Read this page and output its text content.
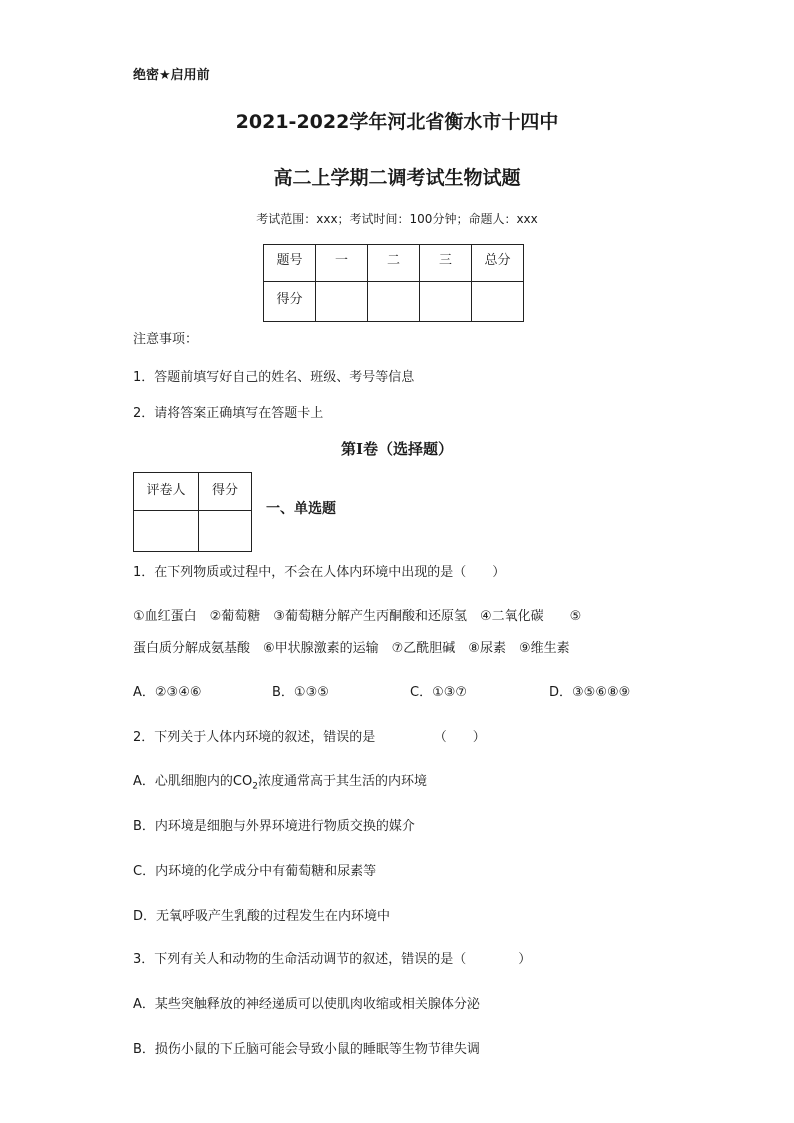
绝密★启用前
2021-2022学年河北省衡水市十四中
高二上学期二调考试生物试题
考试范围：xxx；考试时间：100分钟；命题人：xxx
题号	一	二	三	总分
得分				
注意事项：
1．答题前填写好自己的姓名、班级、考号等信息
2．请将答案正确填写在答题卡上
第I卷（选择题）
评卷人	得分

一、单选题
1．在下列物质或过程中，不会在人体内环境中出现的是（　　）
①血红蛋白　②葡萄糖　③葡萄糖分解产生丙酮酸和还原氢　④二氧化碳　　⑤
蛋白质分解成氨基酸　⑥甲状腺激素的运输　⑦乙酰胆碱　⑧尿素　⑨维生素
A．②③④⑥	B．①③⑤	C．①③⑦	D．③⑤⑥⑧⑨
2．下列关于人体内环境的叙述，错误的是　　　　　（　　）
A．心肌细胞内的$CO_2$浓度通常高于其生活的内环境
B．内环境是细胞与外界环境进行物质交换的媒介
C．内环境的化学成分中有葡萄糖和尿素等
D．无氧呼吸产生乳酸的过程发生在内环境中
3．下列有关人和动物的生命活动调节的叙述，错误的是（　　　　）
A．某些突触释放的神经递质可以使肌肉收缩或相关腺体分泌
B．损伤小鼠的下丘脑可能会导致小鼠的睡眠等生物节律失调
